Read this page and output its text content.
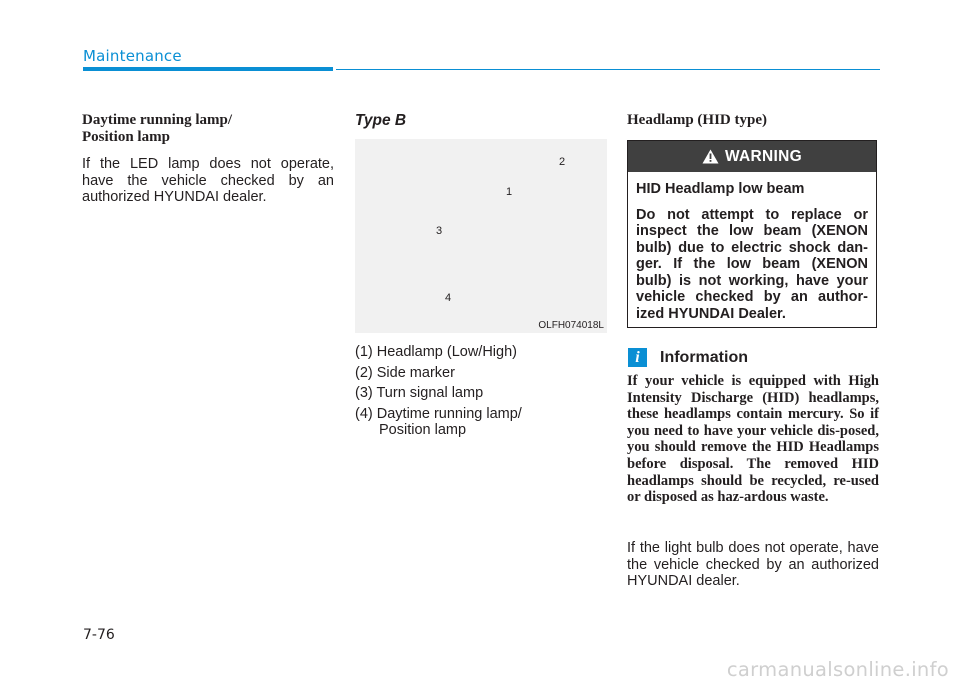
Maintenance

Daytime running lamp/
Position lamp

If the LED lamp does not operate, have the vehicle checked by an authorized HYUNDAI dealer.

Type B

2
1
3
4
OLFH074018L
(1) Headlamp (Low/High)
(2) Side marker
(3) Turn signal lamp
(4) Daytime running lamp/
Position lamp

Headlamp (HID type)

WARNING

HID Headlamp low beam

Do not attempt to replace or inspect the low beam (XENON bulb) due to electric shock dan-ger. If the low beam (XENON bulb) is not working, have your vehicle checked by an author-ized HYUNDAI Dealer.

i	Information

If your vehicle is equipped with High Intensity Discharge (HID) headlamps, these headlamps contain mercury. So if you need to have your vehicle dis-posed, you should remove the HID Headlamps before disposal. The removed HID headlamps should be recycled, re-used or disposed as haz-ardous waste.

If the light bulb does not operate, have the vehicle checked by an authorized HYUNDAI dealer.

7-76
carmanualsonline.info
